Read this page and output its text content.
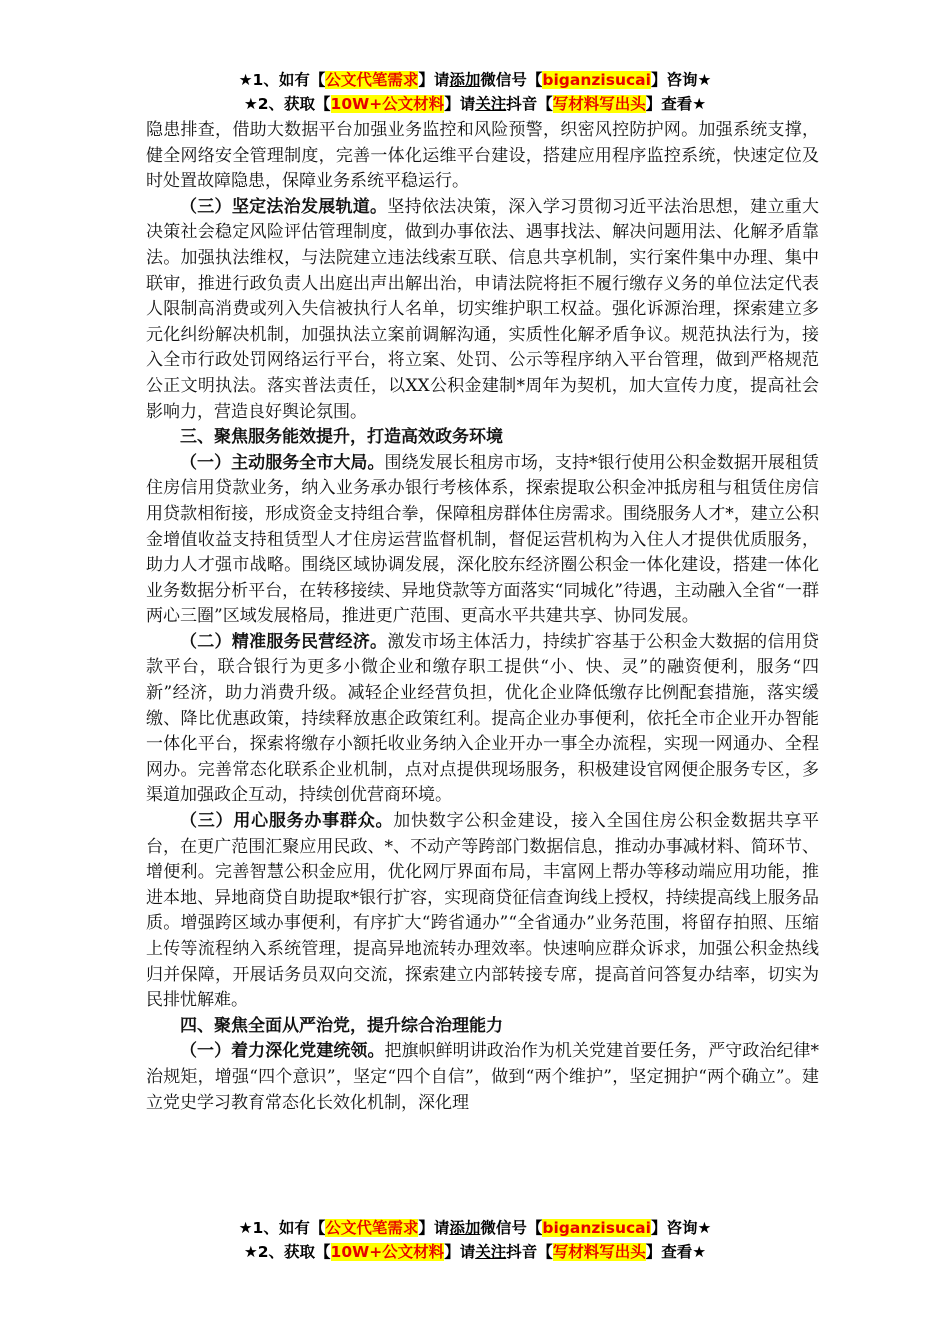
★1、如有【公文代笔需求】请添加微信号【biganzisucai】咨询★
★2、获取【10W+公文材料】请关注抖音【写材料写出头】查看★

隐患排查，借助大数据平台加强业务监控和风险预警，织密风控防护网。加强系统支撑，健全网络安全管理制度，完善一体化运维平台建设，搭建应用程序监控系统，快速定位及时处置故障隐患，保障业务系统平稳运行。

（三）坚定法治发展轨道。坚持依法决策，深入学习贯彻习近平法治思想，建立重大决策社会稳定风险评估管理制度，做到办事依法、遇事找法、解决问题用法、化解矛盾靠法。加强执法维权，与法院建立违法线索互联、信息共享机制，实行案件集中办理、集中联审，推进行政负责人出庭出声出解出治，申请法院将拒不履行缴存义务的单位法定代表人限制高消费或列入失信被执行人名单，切实维护职工权益。强化诉源治理，探索建立多元化纠纷解决机制，加强执法立案前调解沟通，实质性化解矛盾争议。规范执法行为，接入全市行政处罚网络运行平台，将立案、处罚、公示等程序纳入平台管理，做到严格规范公正文明执法。落实普法责任，以XX公积金建制*周年为契机，加大宣传力度，提高社会影响力，营造良好舆论氛围。

三、聚焦服务能效提升，打造高效政务环境

（一）主动服务全市大局。围绕发展长租房市场，支持*银行使用公积金数据开展租赁住房信用贷款业务，纳入业务承办银行考核体系，探索提取公积金冲抵房租与租赁住房信用贷款相衔接，形成资金支持组合拳，保障租房群体住房需求。围绕服务人才*，建立公积金增值收益支持租赁型人才住房运营监督机制，督促运营机构为入住人才提供优质服务，助力人才强市战略。围绕区域协调发展，深化胶东经济圈公积金一体化建设，搭建一体化业务数据分析平台，在转移接续、异地贷款等方面落实“同城化”待遇，主动融入全省“一群两心三圈”区域发展格局，推进更广范围、更高水平共建共享、协同发展。

（二）精准服务民营经济。激发市场主体活力，持续扩容基于公积金大数据的信用贷款平台，联合银行为更多小微企业和缴存职工提供“小、快、灵”的融资便利，服务“四新”经济，助力消费升级。减轻企业经营负担，优化企业降低缴存比例配套措施，落实缓缴、降比优惠政策，持续释放惠企政策红利。提高企业办事便利，依托全市企业开办智能一体化平台，探索将缴存小额托收业务纳入企业开办一事全办流程，实现一网通办、全程网办。完善常态化联系企业机制，点对点提供现场服务，积极建设官网便企服务专区，多渠道加强政企互动，持续创优营商环境。

（三）用心服务办事群众。加快数字公积金建设，接入全国住房公积金数据共享平台，在更广范围汇聚应用民政、*、不动产等跨部门数据信息，推动办事减材料、简环节、增便利。完善智慧公积金应用，优化网厅界面布局，丰富网上帮办等移动端应用功能，推进本地、异地商贷自助提取*银行扩容，实现商贷征信查询线上授权，持续提高线上服务品质。增强跨区域办事便利，有序扩大“跨省通办”“全省通办”业务范围，将留存拍照、压缩上传等流程纳入系统管理，提高异地流转办理效率。快速响应群众诉求，加强公积金热线归并保障，开展话务员双向交流，探索建立内部转接专席，提高首问答复办结率，切实为民排忧解难。

四、聚焦全面从严治党，提升综合治理能力

（一）着力深化党建统领。把旗帜鲜明讲政治作为机关党建首要任务，严守政治纪律*治规矩，增强“四个意识”，坚定“四个自信”，做到“两个维护”，坚定拥护“两个确立”。建立党史学习教育常态化长效化机制，深化理

★1、如有【公文代笔需求】请添加微信号【biganzisucai】咨询★
★2、获取【10W+公文材料】请关注抖音【写材料写出头】查看★
